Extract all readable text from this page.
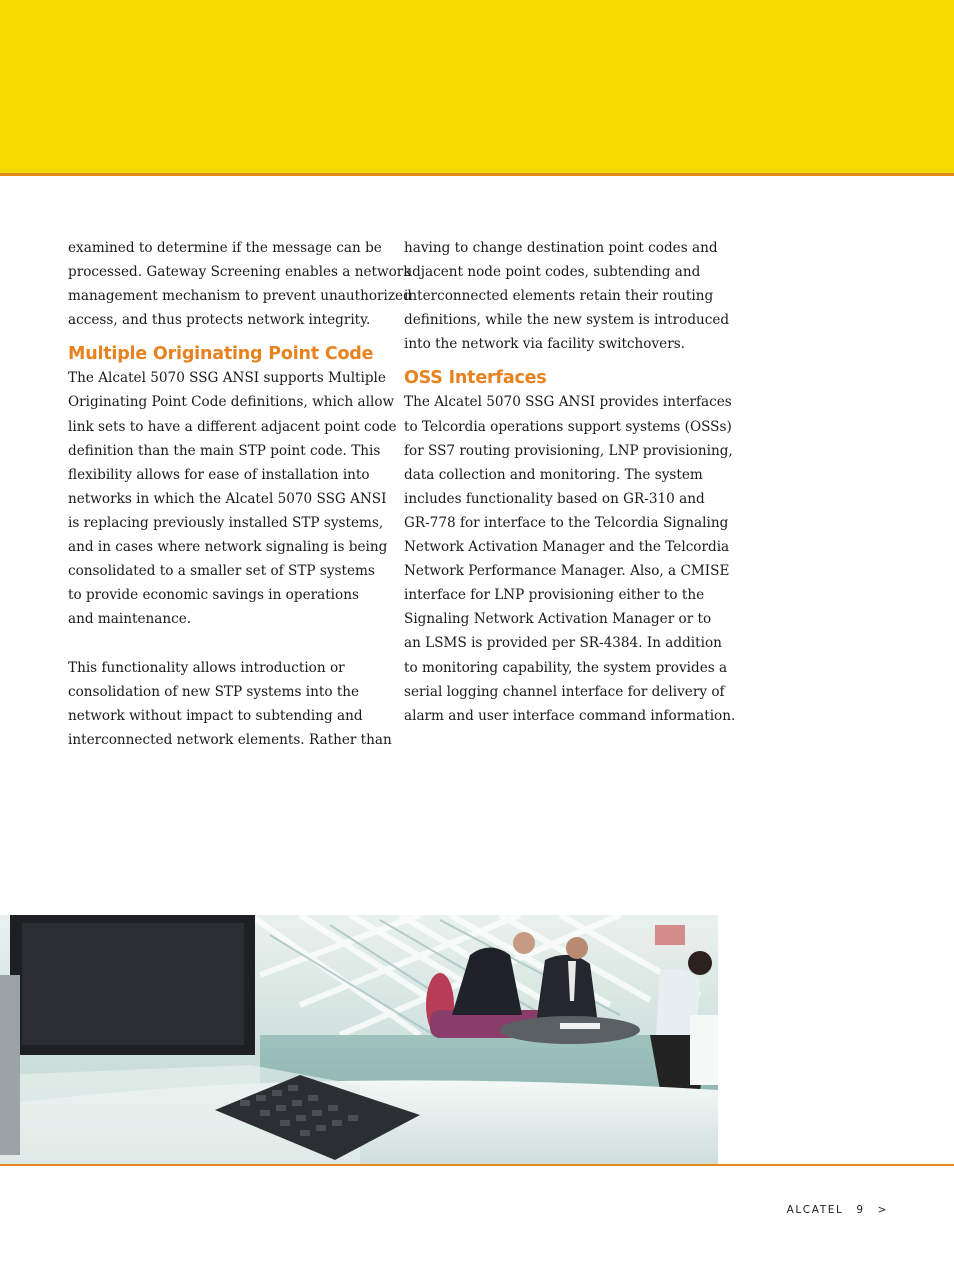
examined to determine if the message can be
processed. Gateway Screening enables a network
management mechanism to prevent unauthorized
access, and thus protects network integrity.
Multiple Originating Point Code
The Alcatel 5070 SSG ANSI supports Multiple
Originating Point Code definitions, which allow
link sets to have a different adjacent point code
definition than the main STP point code. This
flexibility allows for ease of installation into
networks in which the Alcatel 5070 SSG ANSI
is replacing previously installed STP systems,
and in cases where network signaling is being
consolidated to a smaller set of STP systems
to provide economic savings in operations
and maintenance.
This functionality allows introduction or
consolidation of new STP systems into the
network without impact to subtending and
interconnected network elements. Rather than
having to change destination point codes and
adjacent node point codes, subtending and
interconnected elements retain their routing
definitions, while the new system is introduced
into the network via facility switchovers.
OSS Interfaces
The Alcatel 5070 SSG ANSI provides interfaces
to Telcordia operations support systems (OSSs)
for SS7 routing provisioning, LNP provisioning,
data collection and monitoring. The system
includes functionality based on GR-310 and
GR-778 for interface to the Telcordia Signaling
Network Activation Manager and the Telcordia
Network Performance Manager. Also, a CMISE
interface for LNP provisioning either to the
Signaling Network Activation Manager or to
an LSMS is provided per SR-4384. In addition
to monitoring capability, the system provides a
serial logging channel interface for delivery of
alarm and user interface command information.
ALCATEL 9 >
